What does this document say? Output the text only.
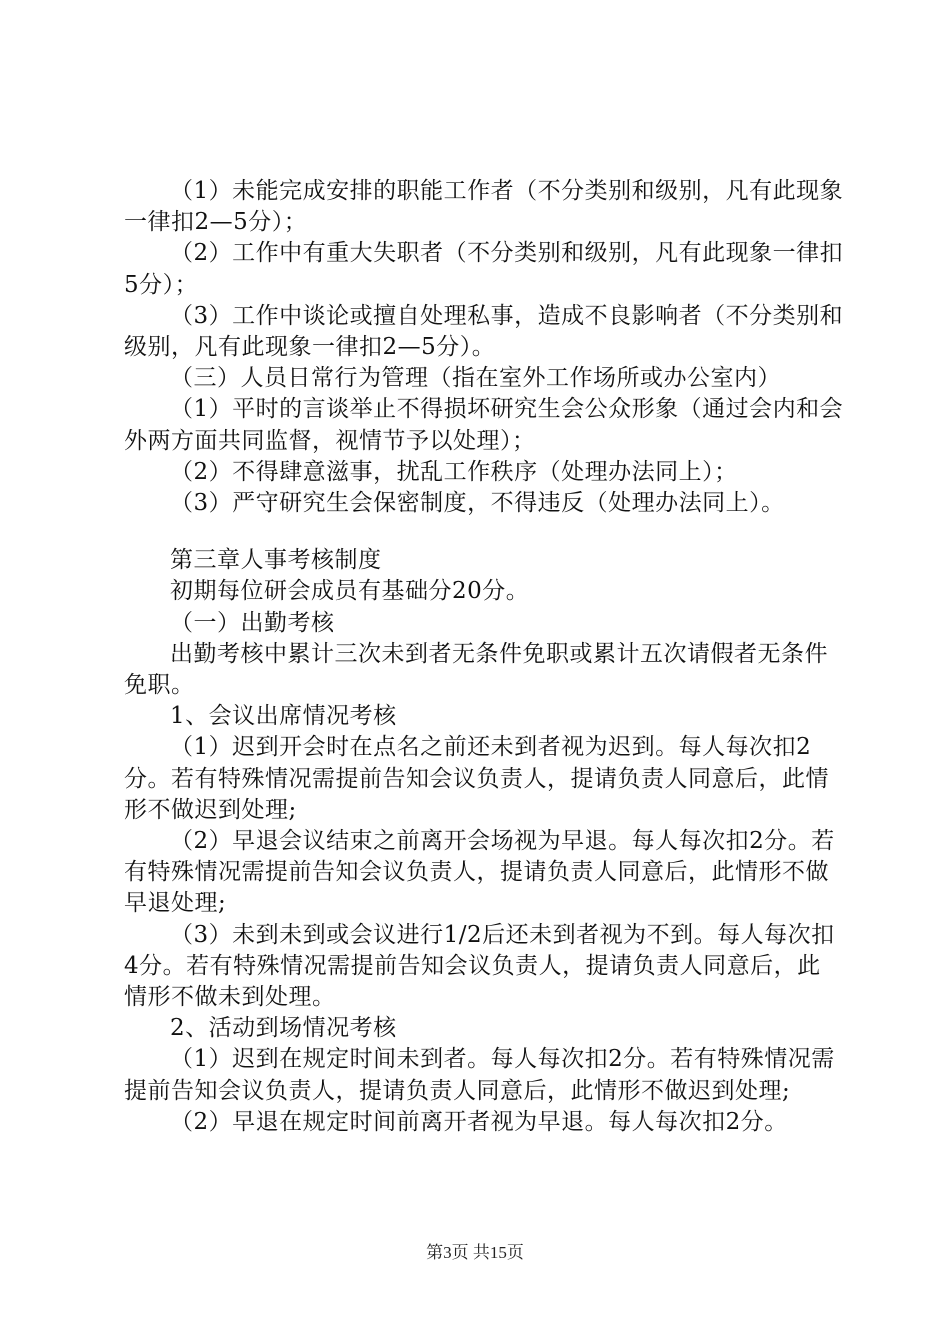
（1）未能完成安排的职能工作者（不分类别和级别，凡有此现象一律扣2—5分）；

（2）工作中有重大失职者（不分类别和级别，凡有此现象一律扣5分）；

（3）工作中谈论或擅自处理私事，造成不良影响者（不分类别和级别，凡有此现象一律扣2—5分）。

（三）人员日常行为管理（指在室外工作场所或办公室内）

（1）平时的言谈举止不得损坏研究生会公众形象（通过会内和会外两方面共同监督，视情节予以处理）；

（2）不得肆意滋事，扰乱工作秩序（处理办法同上）；

（3）严守研究生会保密制度，不得违反（处理办法同上）。

第三章人事考核制度

初期每位研会成员有基础分20分。

（一）出勤考核

出勤考核中累计三次未到者无条件免职或累计五次请假者无条件免职。

1、会议出席情况考核

（1）迟到开会时在点名之前还未到者视为迟到。每人每次扣2分。若有特殊情况需提前告知会议负责人，提请负责人同意后，此情形不做迟到处理;

（2）早退会议结束之前离开会场视为早退。每人每次扣2分。若有特殊情况需提前告知会议负责人，提请负责人同意后，此情形不做早退处理;

（3）未到未到或会议进行1/2后还未到者视为不到。每人每次扣4分。若有特殊情况需提前告知会议负责人，提请负责人同意后，此情形不做未到处理。

2、活动到场情况考核

（1）迟到在规定时间未到者。每人每次扣2分。若有特殊情况需提前告知会议负责人，提请负责人同意后，此情形不做迟到处理;

（2）早退在规定时间前离开者视为早退。每人每次扣2分。

第3页 共15页
